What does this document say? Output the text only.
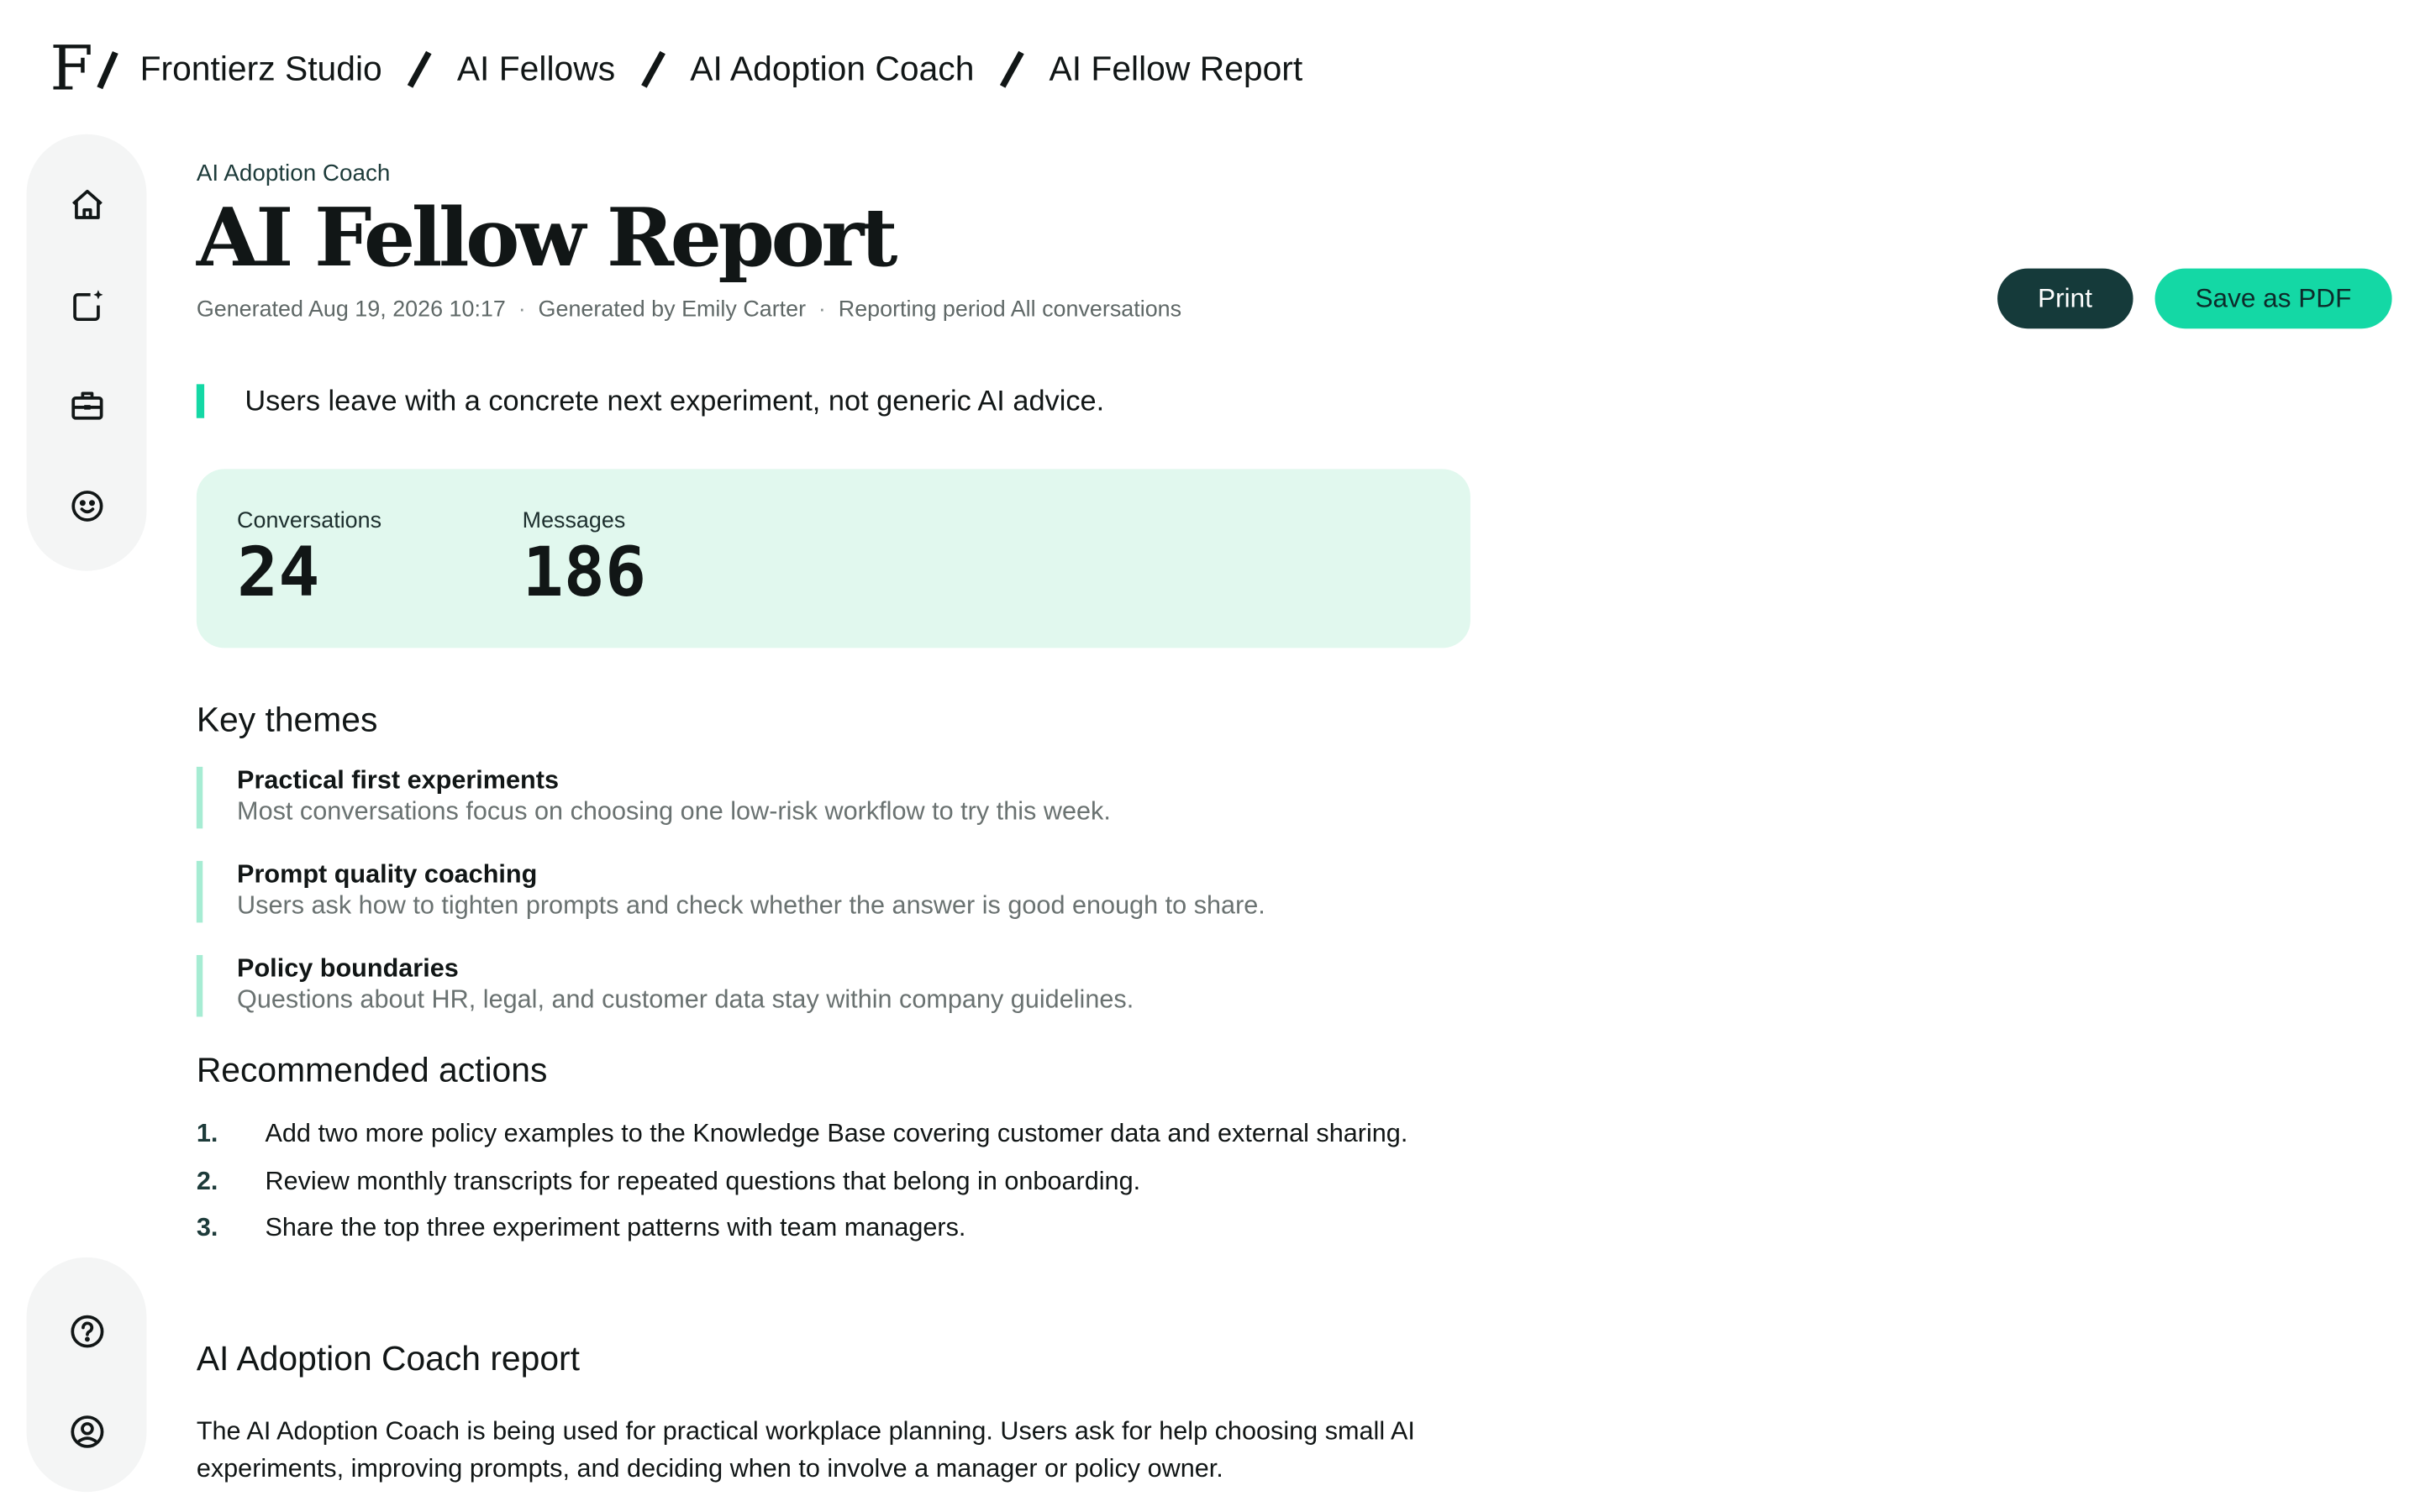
F	Frontierz Studio	AI Fellows	AI Adoption Coach	AI Fellow Report
AI Adoption Coach
AI Fellow Report
Generated Aug 19, 2026 10:17 · Generated by Emily Carter · Reporting period All conversations	Print	Save as PDF
Users leave with a concrete next experiment, not generic AI advice.
Conversations
24
Messages
186
Key themes
Practical first experiments
Most conversations focus on choosing one low-risk workflow to try this week.
Prompt quality coaching
Users ask how to tighten prompts and check whether the answer is good enough to share.
Policy boundaries
Questions about HR, legal, and customer data stay within company guidelines.
Recommended actions
1.	Add two more policy examples to the Knowledge Base covering customer data and external sharing.
2.	Review monthly transcripts for repeated questions that belong in onboarding.
3.	Share the top three experiment patterns with team managers.
AI Adoption Coach report

The AI Adoption Coach is being used for practical workplace planning. Users ask for help choosing small AI experiments, improving prompts, and deciding when to involve a manager or policy owner.
